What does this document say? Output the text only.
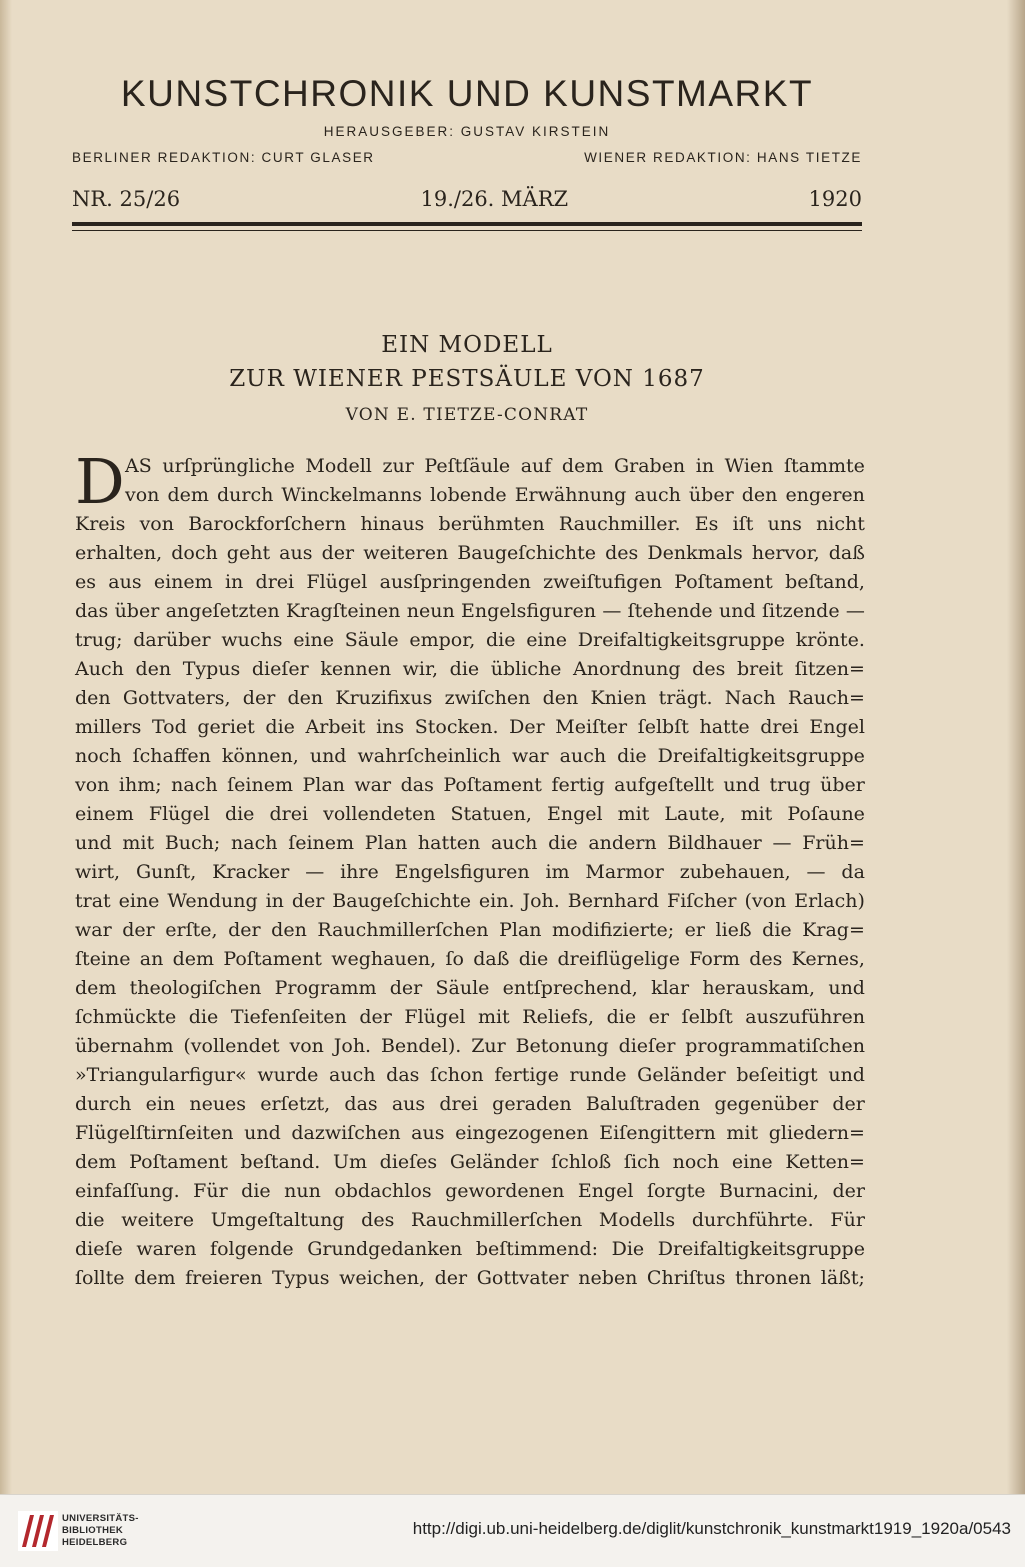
KUNSTCHRONIK UND KUNSTMARKT
HERAUSGEBER: GUSTAV KIRSTEIN
BERLINER REDAKTION: CURT GLASER	WIENER REDAKTION: HANS TIETZE
NR. 25/26	19./26. MÄRZ	1920
EIN MODELL
ZUR WIENER PESTSÄULE VON 1687
VON E. TIETZE-CONRAT
D AS urſprüngliche Modell zur Peſtſäule auf dem Graben in Wien ſtammte
von dem durch Winckelmanns lobende Erwähnung auch über den engeren
Kreis von Barockforſchern hinaus berühmten Rauchmiller. Es iſt uns nicht
erhalten, doch geht aus der weiteren Baugeſchichte des Denkmals hervor, daß
es aus einem in drei Flügel ausſpringenden zweiſtufigen Poſtament beſtand,
das über angeſetzten Kragſteinen neun Engelsfiguren — ſtehende und ſitzende —
trug; darüber wuchs eine Säule empor, die eine Dreifaltigkeitsgruppe krönte.
Auch den Typus dieſer kennen wir, die übliche Anordnung des breit ſitzen=
den Gottvaters, der den Kruzifixus zwiſchen den Knien trägt. Nach Rauch=
millers Tod geriet die Arbeit ins Stocken. Der Meiſter ſelbſt hatte drei Engel
noch ſchaffen können, und wahrſcheinlich war auch die Dreifaltigkeitsgruppe
von ihm; nach ſeinem Plan war das Poſtament fertig aufgeſtellt und trug über
einem Flügel die drei vollendeten Statuen, Engel mit Laute, mit Poſaune
und mit Buch; nach ſeinem Plan hatten auch die andern Bildhauer — Früh=
wirt, Gunſt, Kracker — ihre Engelsfiguren im Marmor zubehauen, — da
trat eine Wendung in der Baugeſchichte ein. Joh. Bernhard Fiſcher (von Erlach)
war der erſte, der den Rauchmillerſchen Plan modifizierte; er ließ die Krag=
ſteine an dem Poſtament weghauen, ſo daß die dreiflügelige Form des Kernes,
dem theologiſchen Programm der Säule entſprechend, klar herauskam, und
ſchmückte die Tiefenſeiten der Flügel mit Reliefs, die er ſelbſt auszuführen
übernahm (vollendet von Joh. Bendel). Zur Betonung dieſer programmatiſchen
»Triangularfigur« wurde auch das ſchon fertige runde Geländer beſeitigt und
durch ein neues erſetzt, das aus drei geraden Baluſtraden gegenüber der
Flügelſtirnſeiten und dazwiſchen aus eingezogenen Eiſengittern mit gliedern=
dem Poſtament beſtand. Um dieſes Geländer ſchloß ſich noch eine Ketten=
einfaſſung. Für die nun obdachlos gewordenen Engel ſorgte Burnacini, der
die weitere Umgeſtaltung des Rauchmillerſchen Modells durchführte. Für
dieſe waren folgende Grundgedanken beſtimmend: Die Dreifaltigkeitsgruppe
ſollte dem freieren Typus weichen, der Gottvater neben Chriſtus thronen läßt;
UNIVERSITÄTS-
BIBLIOTHEK
HEIDELBERG
http://digi.ub.uni-heidelberg.de/diglit/kunstchronik_kunstmarkt1919_1920a/0543
